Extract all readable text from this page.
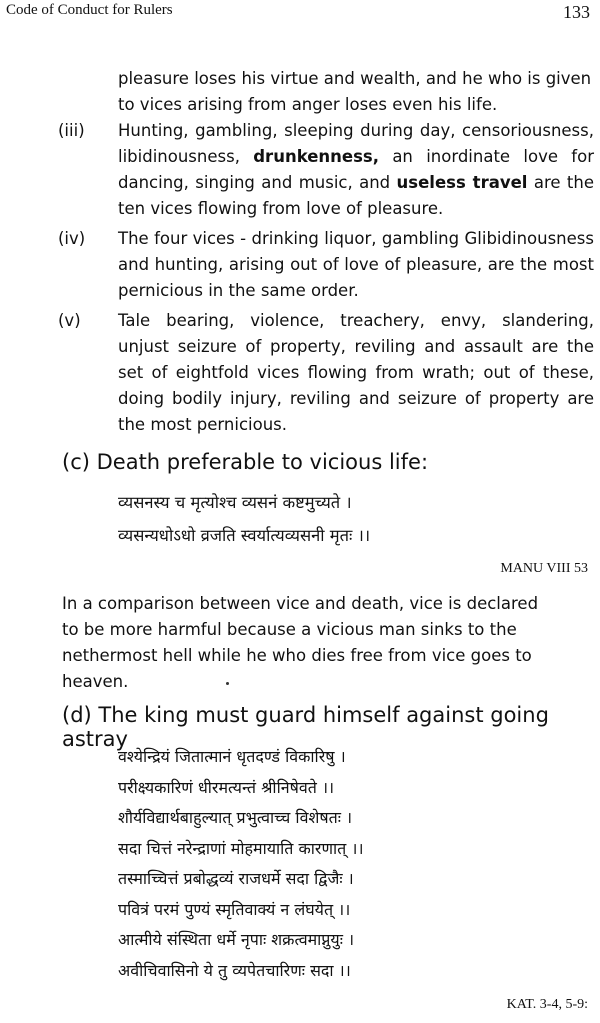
Code of Conduct for Rulers	133
pleasure loses his virtue and wealth, and he who is given to vices arising from anger loses even his life.
(iii) Hunting, gambling, sleeping during day, censoriousness, libidinousness, drunkenness, an inordinate love for dancing, singing and music, and useless travel are the ten vices flowing from love of pleasure.
(iv) The four vices - drinking liquor, gambling Glibidinousness and hunting, arising out of love of pleasure, are the most pernicious in the same order.
(v) Tale bearing, violence, treachery, envy, slandering, unjust seizure of property, reviling and assault are the set of eightfold vices flowing from wrath; out of these, doing bodily injury, reviling and seizure of property are the most pernicious.
(c) Death preferable to vicious life:
व्यसनस्य च मृत्योश्च व्यसनं कष्टमुच्यते ।
व्यसन्यधोऽधो व्रजति स्वर्यात्यव्यसनी मृतः ।।
MANU VIII 53
In a comparison between vice and death, vice is declared to be more harmful because a vicious man sinks to the nethermost hell while he who dies free from vice goes to heaven.
(d) The king must guard himself against going astray
वश्येन्द्रियं जितात्मानं धृतदण्डं विकारिषु ।
परीक्ष्यकारिणं धीरमत्यन्तं श्रीनिषेवते ।।
शौर्यविद्यार्थबाहुल्यात् प्रभुत्वाच्च विशेषतः ।
सदा चित्तं नरेन्द्राणां मोहमायाति कारणात् ।।
तस्माच्चित्तं प्रबोद्धव्यं राजधर्मे सदा द्विजैः ।
पवित्रं परमं पुण्यं स्मृतिवाक्यं न लंघयेत् ।।
आत्मीये संस्थिता धर्मे नृपाः शक्रत्वमाप्नुयुः ।
अवीचिवासिनो ये तु व्यपेतचारिणः सदा ।।
KAT. 3-4, 5-9:
